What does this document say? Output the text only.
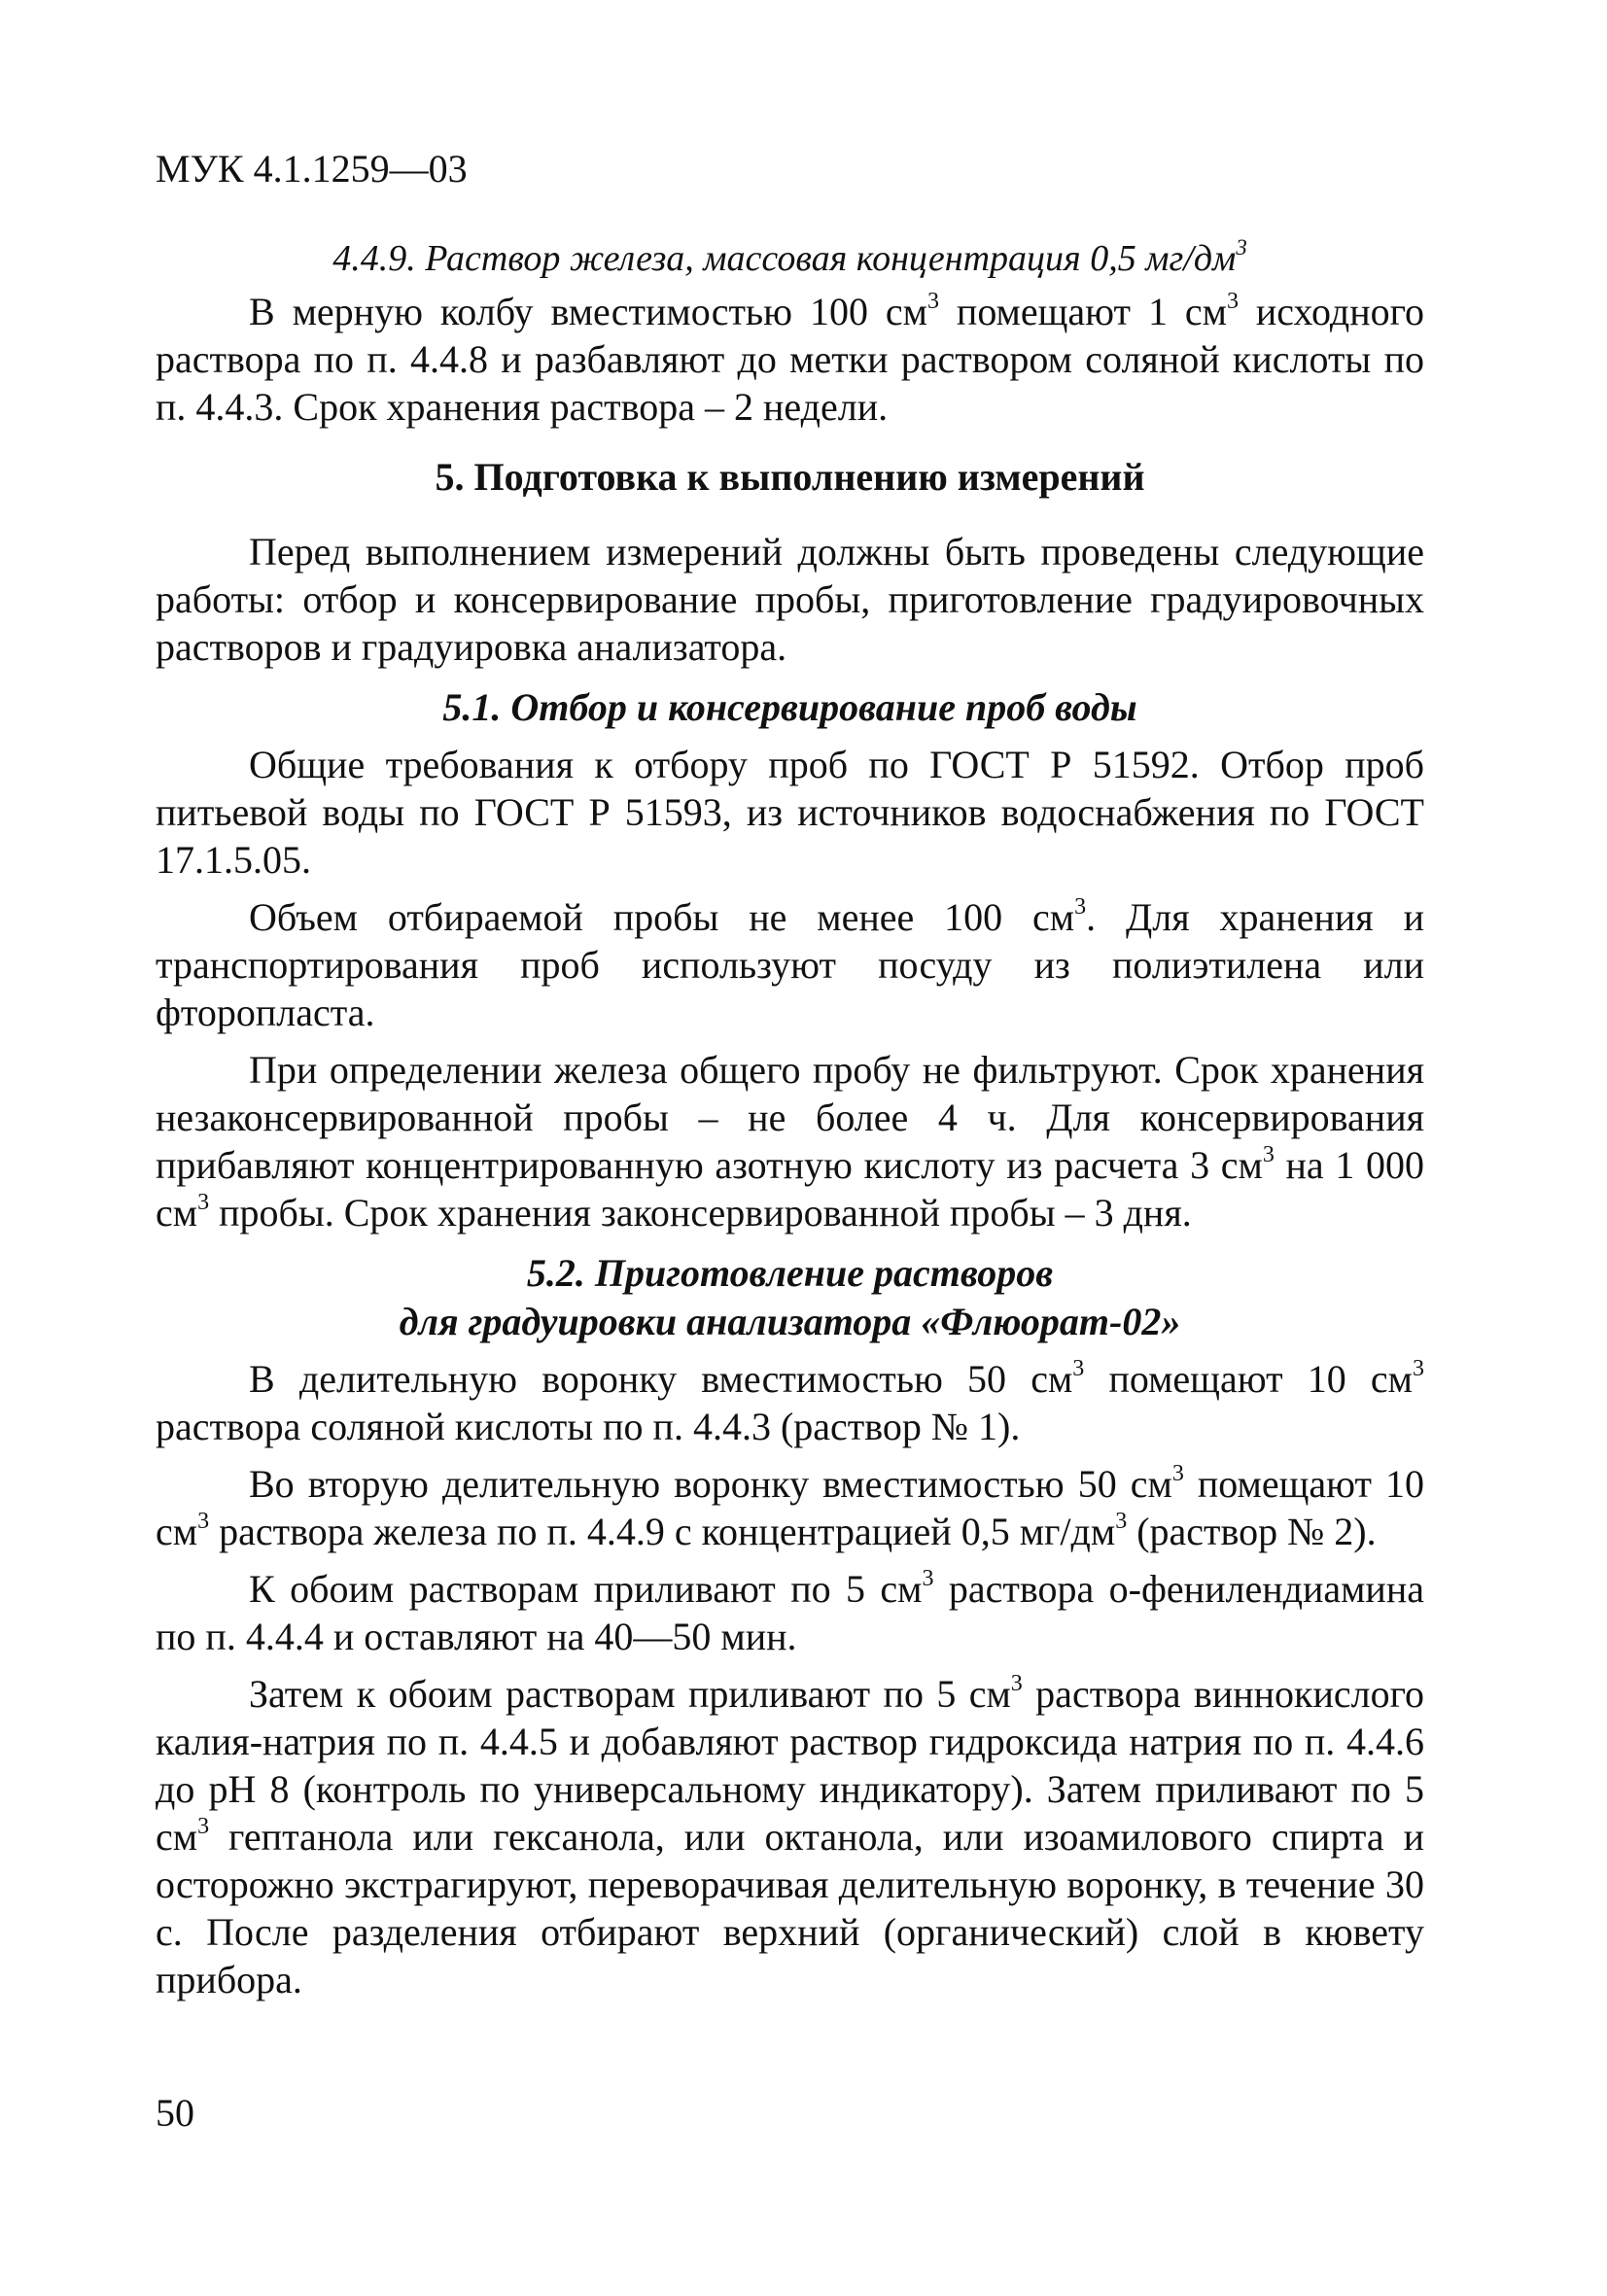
МУК 4.1.1259—03
4.4.9. Раствор железа, массовая концентрация 0,5 $мг/дм^3$

В мерную колбу вместимостью 100 $см^3$ помещают 1 $см^3$ исходного раствора по п. 4.4.8 и разбавляют до метки раствором соляной кислоты по п. 4.4.3. Срок хранения раствора – 2 недели.

5. Подготовка к выполнению измерений

Перед выполнением измерений должны быть проведены следующие работы: отбор и консервирование пробы, приготовление градуировочных растворов и градуировка анализатора.

5.1. Отбор и консервирование проб воды

Общие требования к отбору проб по ГОСТ Р 51592. Отбор проб питьевой воды по ГОСТ Р 51593, из источников водоснабжения по ГОСТ 17.1.5.05.

Объем отбираемой пробы не менее 100 $см^3$. Для хранения и транспортирования проб используют посуду из полиэтилена или фторопласта.

При определении железа общего пробу не фильтруют. Срок хранения незаконсервированной пробы – не более 4 ч. Для консервирования прибавляют концентрированную азотную кислоту из расчета 3 $см^3$ на 1 000 $см^3$ пробы. Срок хранения законсервированной пробы – 3 дня.

5.2. Приготовление растворов
для градуировки анализатора «Флюорат-02»

В делительную воронку вместимостью 50 $см^3$ помещают 10 $см^3$ раствора соляной кислоты по п. 4.4.3 (раствор № 1).

Во вторую делительную воронку вместимостью 50 $см^3$ помещают 10 $см^3$ раствора железа по п. 4.4.9 с концентрацией 0,5 $мг/дм^3$ (раствор № 2).

К обоим растворам приливают по 5 $см^3$ раствора о-фенилендиамина по п. 4.4.4 и оставляют на 40—50 мин.

Затем к обоим растворам приливают по 5 $см^3$ раствора виннокислого калия-натрия по п. 4.4.5 и добавляют раствор гидроксида натрия по п. 4.4.6 до pH 8 (контроль по универсальному индикатору). Затем приливают по 5 $см^3$ гептанола или гексанола, или октанола, или изоамилового спирта и осторожно экстрагируют, переворачивая делительную воронку, в течение 30 с. После разделения отбирают верхний (органический) слой в кювету прибора.

50
